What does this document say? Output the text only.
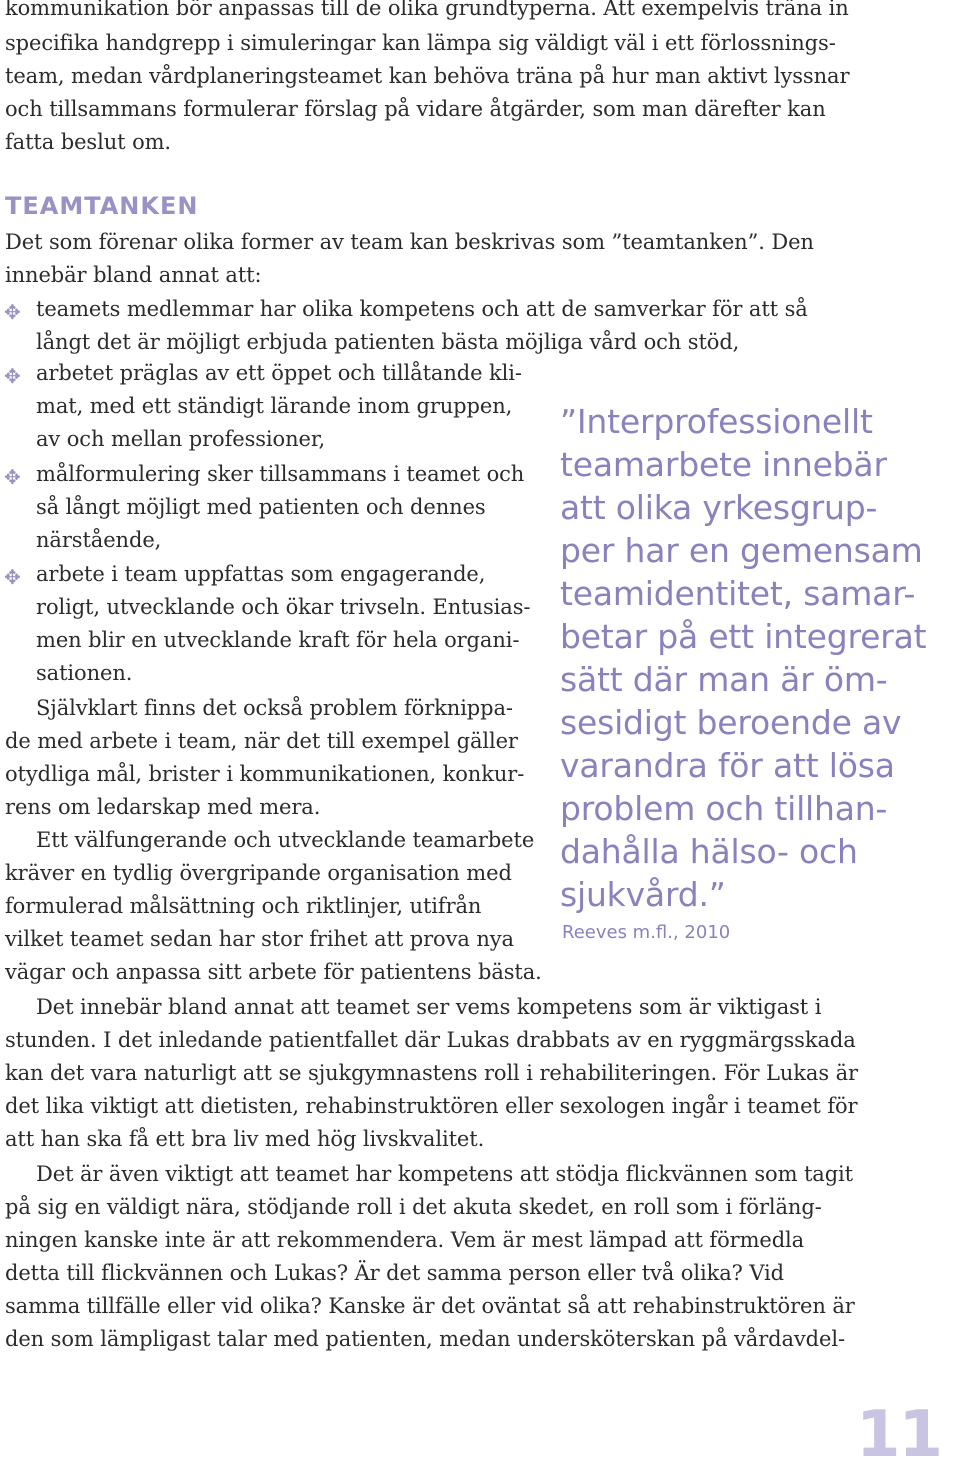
kommunikation bör anpassas till de olika grundtyperna. Att exempelvis träna in

specifika handgrepp i simuleringar kan lämpa sig väldigt väl i ett förlossnings-

team, medan vårdplaneringsteamet kan behöva träna på hur man aktivt lyssnar

och tillsammans formulerar förslag på vidare åtgärder, som man därefter kan

fatta beslut om.

TEAMTANKEN

Det som förenar olika former av team kan beskrivas som ”teamtanken”. Den

innebär bland annat att:

✥ teamets medlemmar har olika kompetens och att de samverkar för att så

långt det är möjligt erbjuda patienten bästa möjliga vård och stöd,

✥ arbetet präglas av ett öppet och tillåtande kli-

mat, med ett ständigt lärande inom gruppen,

av och mellan professioner,

✥ målformulering sker tillsammans i teamet och

så långt möjligt med patienten och dennes

närstående,

✥ arbete i team uppfattas som engagerande,

roligt, utvecklande och ökar trivseln. Entusias-

men blir en utvecklande kraft för hela organi-

sationen.

Självklart finns det också problem förknippa-

de med arbete i team, när det till exempel gäller

otydliga mål, brister i kommunikationen, konkur-

rens om ledarskap med mera.

Ett välfungerande och utvecklande teamarbete

kräver en tydlig övergripande organisation med

formulerad målsättning och riktlinjer, utifrån

vilket teamet sedan har stor frihet att prova nya

vägar och anpassa sitt arbete för patientens bästa.

Det innebär bland annat att teamet ser vems kompetens som är viktigast i

stunden. I det inledande patientfallet där Lukas drabbats av en ryggmärgsskada

kan det vara naturligt att se sjukgymnastens roll i rehabiliteringen. För Lukas är

det lika viktigt att dietisten, rehabinstruktören eller sexologen ingår i teamet för

att han ska få ett bra liv med hög livskvalitet.

Det är även viktigt att teamet har kompetens att stödja flickvännen som tagit

på sig en väldigt nära, stödjande roll i det akuta skedet, en roll som i förläng-

ningen kanske inte är att rekommendera. Vem är mest lämpad att förmedla

detta till flickvännen och Lukas? Är det samma person eller två olika? Vid

samma tillfälle eller vid olika? Kanske är det oväntat så att rehabinstruktören är

den som lämpligast talar med patienten, medan undersköterskan på vårdavdel-

”Interprofessionellt

teamarbete innebär

att olika yrkesgrup-

per har en gemensam

teamidentitet, samar-

betar på ett integrerat

sätt där man är öm-

sesidigt beroende av

varandra för att lösa

problem och tillhan-

dahålla hälso- och

sjukvård.”

Reeves m.fl., 2010

11
